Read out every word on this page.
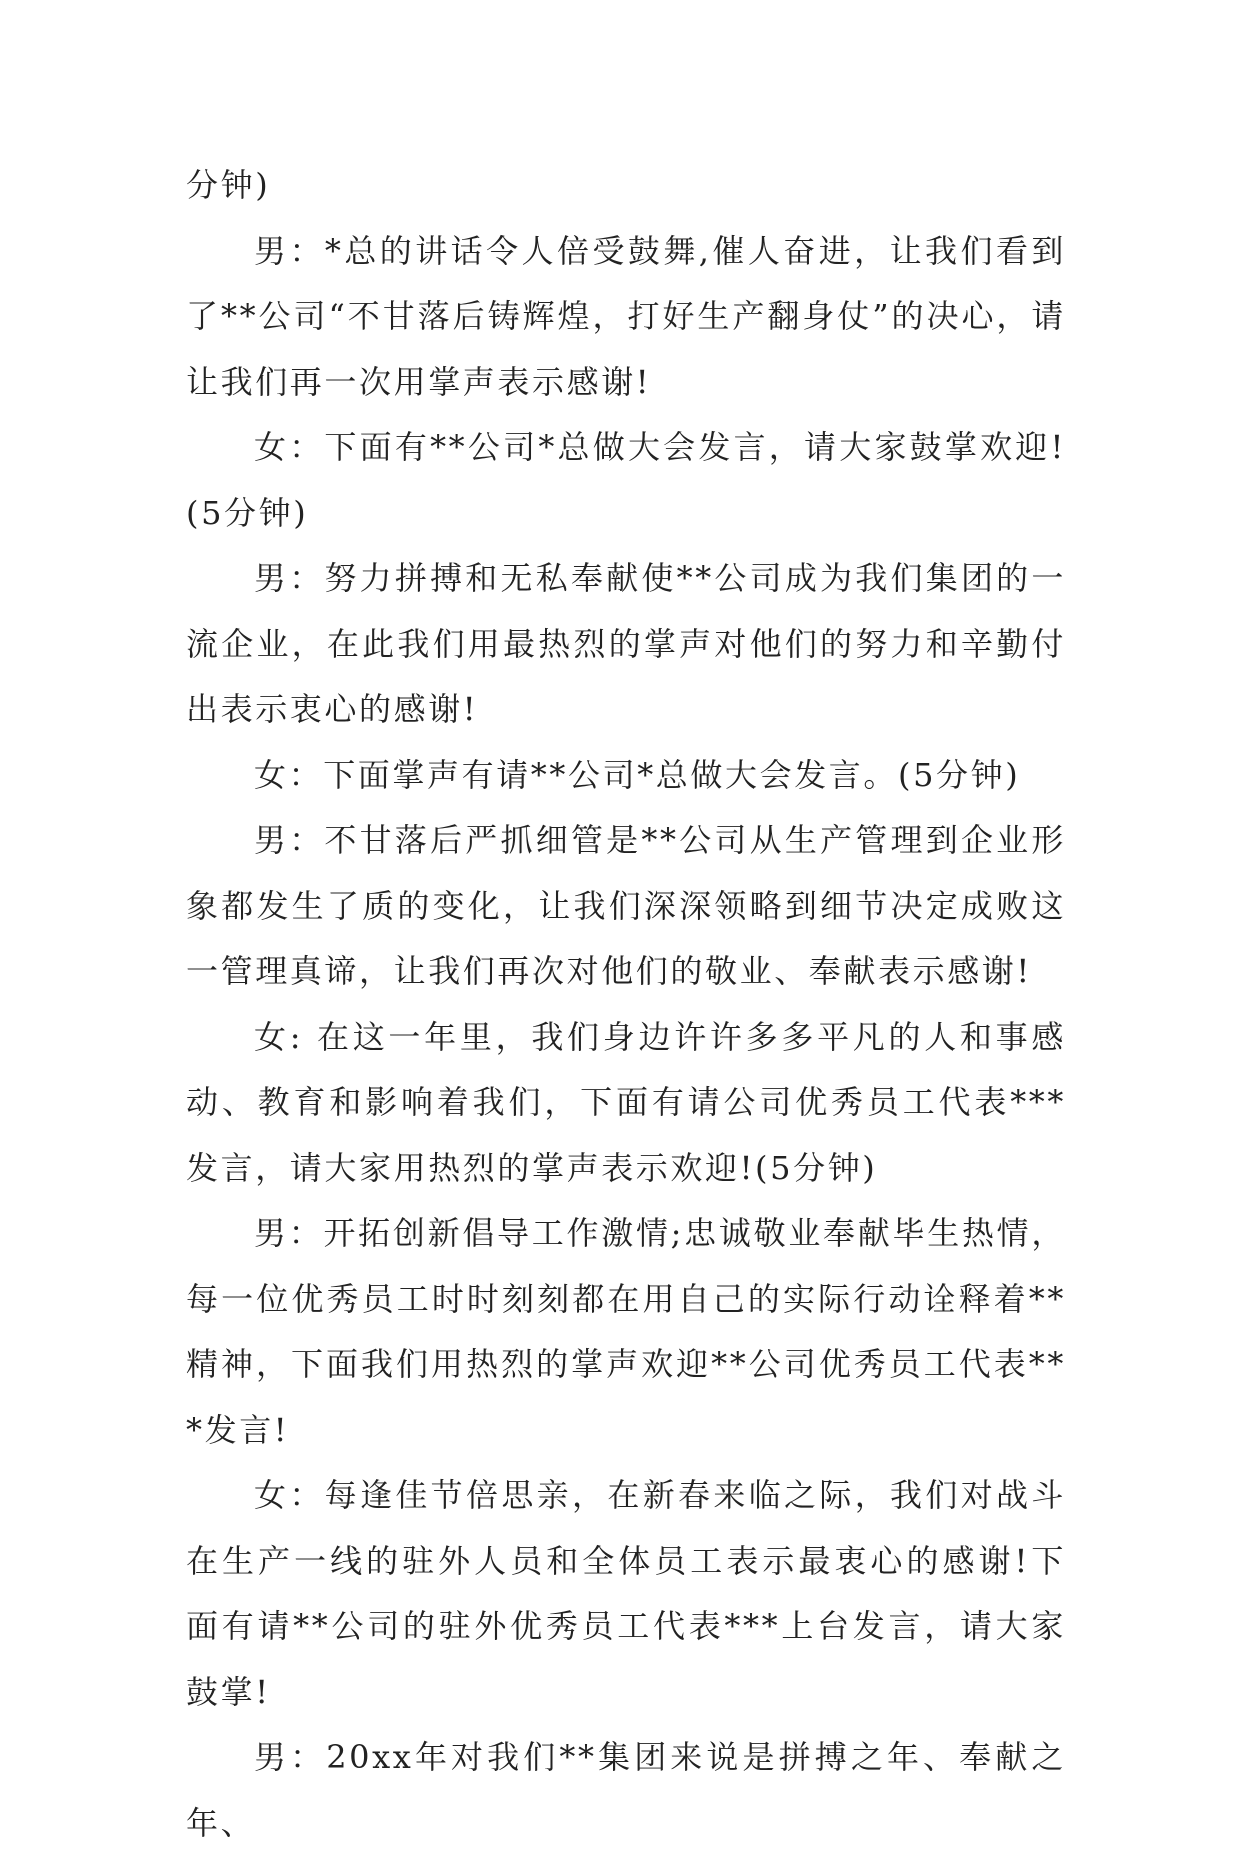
分钟)

男：*总的讲话令人倍受鼓舞,催人奋进，让我们看到了**公司“不甘落后铸辉煌，打好生产翻身仗”的决心，请让我们再一次用掌声表示感谢!

女：下面有**公司*总做大会发言，请大家鼓掌欢迎!(5分钟)

男：努力拼搏和无私奉献使**公司成为我们集团的一流企业，在此我们用最热烈的掌声对他们的努力和辛勤付出表示衷心的感谢!

女：下面掌声有请**公司*总做大会发言。(5分钟)

男：不甘落后严抓细管是**公司从生产管理到企业形象都发生了质的变化，让我们深深领略到细节决定成败这一管理真谛，让我们再次对他们的敬业、奉献表示感谢!

女: 在这一年里，我们身边许许多多平凡的人和事感动、教育和影响着我们，下面有请公司优秀员工代表***发言，请大家用热烈的掌声表示欢迎!(5分钟)

男：开拓创新倡导工作激情;忠诚敬业奉献毕生热情，每一位优秀员工时时刻刻都在用自己的实际行动诠释着**精神，下面我们用热烈的掌声欢迎**公司优秀员工代表***发言!

女：每逢佳节倍思亲，在新春来临之际，我们对战斗在生产一线的驻外人员和全体员工表示最衷心的感谢!下面有请**公司的驻外优秀员工代表***上台发言，请大家鼓掌!

男：20xx年对我们**集团来说是拼搏之年、奉献之年、
